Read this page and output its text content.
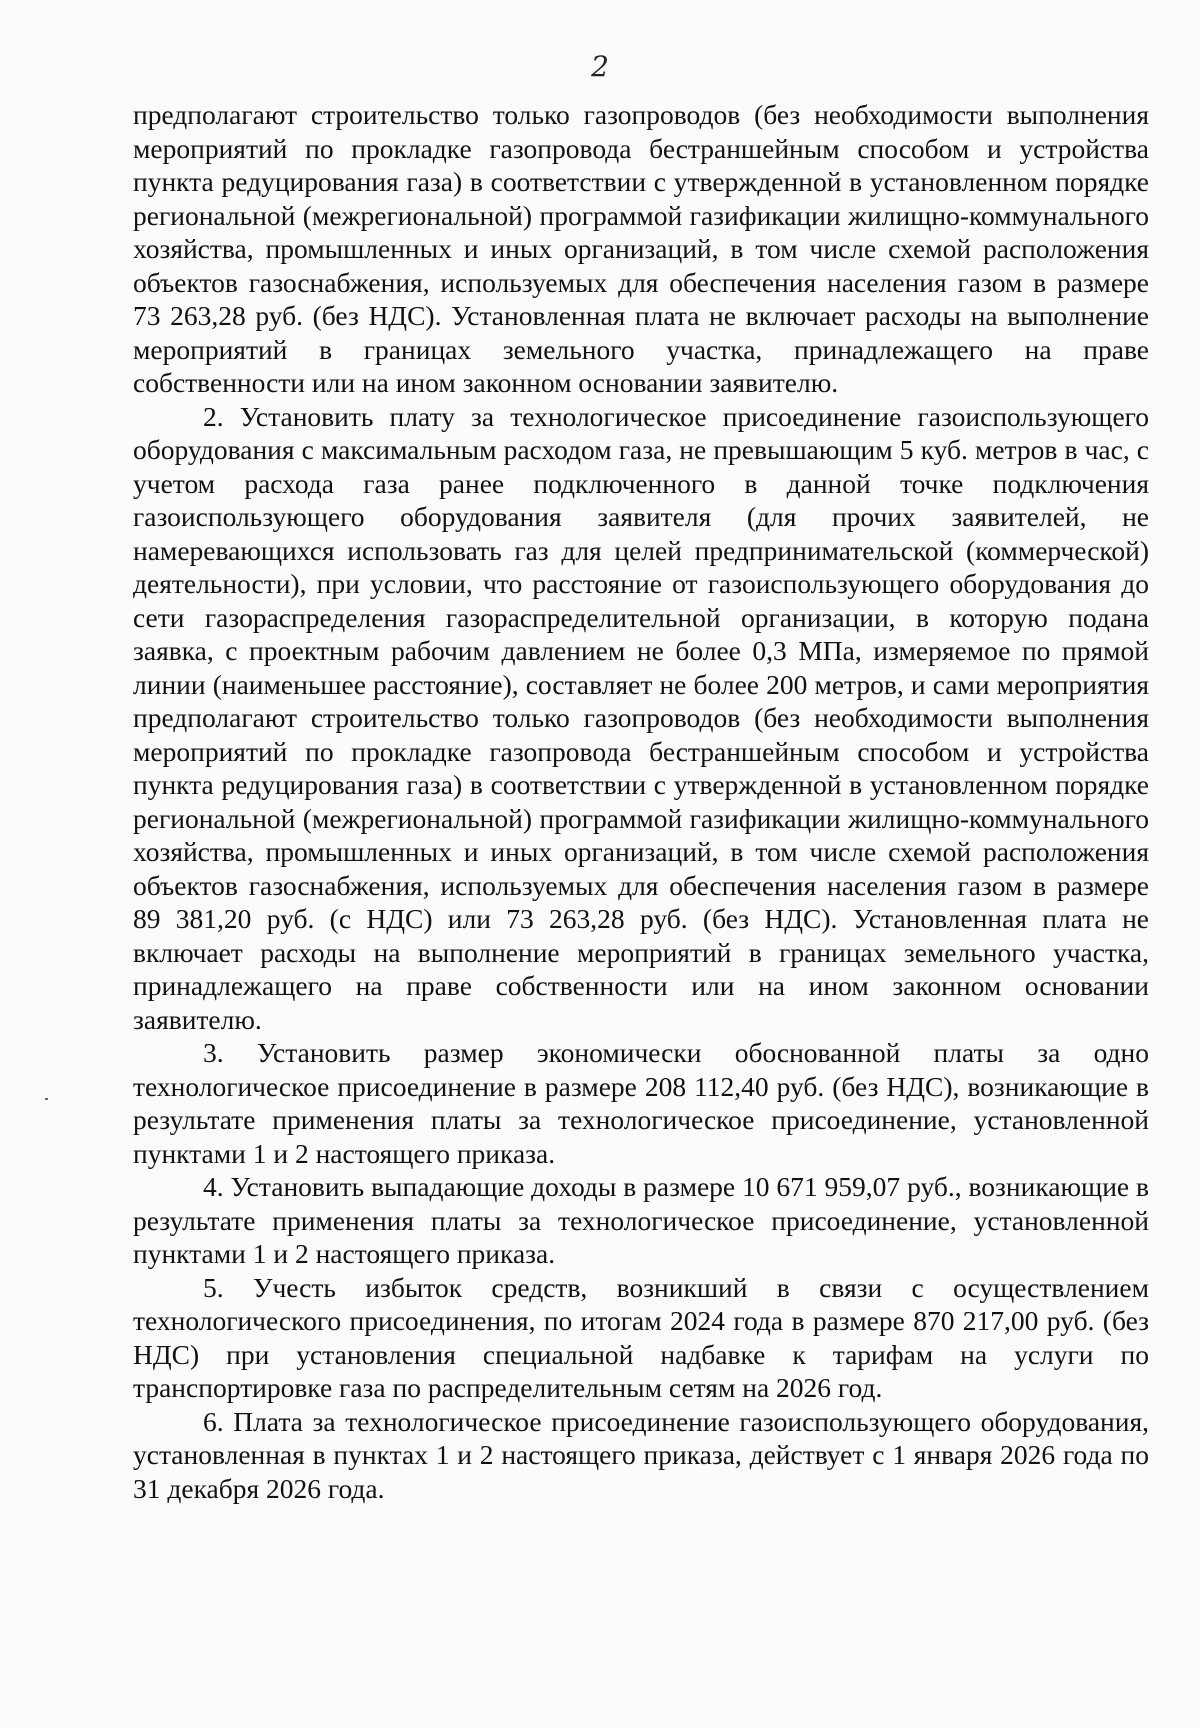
2

предполагают строительство только газопроводов (без необходимости выполнения мероприятий по прокладке газопровода бестраншейным способом и устройства пункта редуцирования газа) в соответствии с утвержденной в установленном порядке региональной (межрегиональной) программой газификации жилищно-коммунального хозяйства, промышленных и иных организаций, в том числе схемой расположения объектов газоснабжения, используемых для обеспечения населения газом в размере 73 263,28 руб. (без НДС). Установленная плата не включает расходы на выполнение мероприятий в границах земельного участка, принадлежащего на праве собственности или на ином законном основании заявителю.

2. Установить плату за технологическое присоединение газоиспользующего оборудования с максимальным расходом газа, не превышающим 5 куб. метров в час, с учетом расхода газа ранее подключенного в данной точке подключения газоиспользующего оборудования заявителя (для прочих заявителей, не намеревающихся использовать газ для целей предпринимательской (коммерческой) деятельности), при условии, что расстояние от газоиспользующего оборудования до сети газораспределения газораспределительной организации, в которую подана заявка, с проектным рабочим давлением не более 0,3 МПа, измеряемое по прямой линии (наименьшее расстояние), составляет не более 200 метров, и сами мероприятия предполагают строительство только газопроводов (без необходимости выполнения мероприятий по прокладке газопровода бестраншейным способом и устройства пункта редуцирования газа) в соответствии с утвержденной в установленном порядке региональной (межрегиональной) программой газификации жилищно-коммунального хозяйства, промышленных и иных организаций, в том числе схемой расположения объектов газоснабжения, используемых для обеспечения населения газом в размере 89 381,20 руб. (с НДС) или 73 263,28 руб. (без НДС). Установленная плата не включает расходы на выполнение мероприятий в границах земельного участка, принадлежащего на праве собственности или на ином законном основании заявителю.

3. Установить размер экономически обоснованной платы за одно технологическое присоединение в размере 208 112,40 руб. (без НДС), возникающие в результате применения платы за технологическое присоединение, установленной пунктами 1 и 2 настоящего приказа.

4. Установить выпадающие доходы в размере 10 671 959,07 руб., возникающие в результате применения платы за технологическое присоединение, установленной пунктами 1 и 2 настоящего приказа.

5. Учесть избыток средств, возникший в связи с осуществлением технологического присоединения, по итогам 2024 года в размере 870 217,00 руб. (без НДС) при установления специальной надбавке к тарифам на услуги по транспортировке газа по распределительным сетям на 2026 год.

6. Плата за технологическое присоединение газоиспользующего оборудования, установленная в пунктах 1 и 2 настоящего приказа, действует с 1 января 2026 года по 31 декабря 2026 года.
